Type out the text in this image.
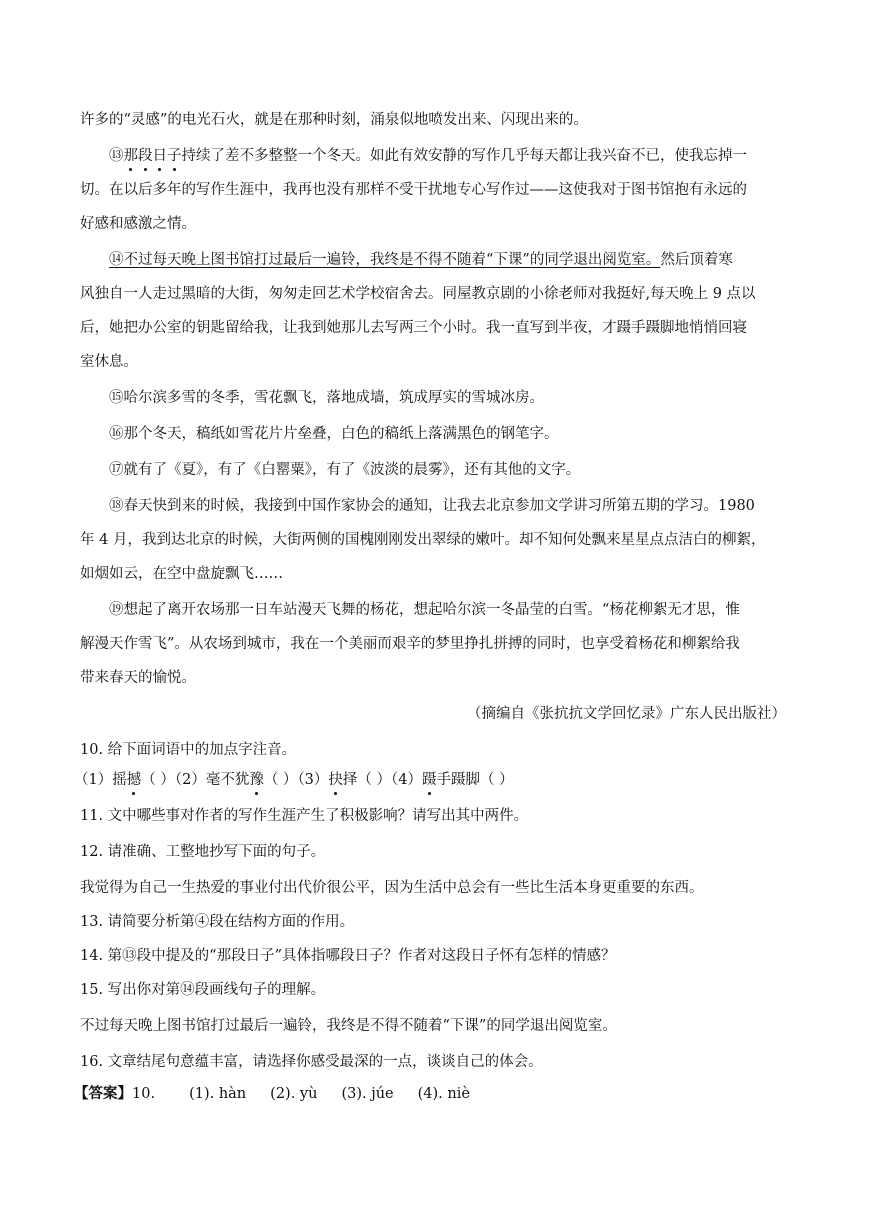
许多的“灵感”的电光石火，就是在那种时刻，涌泉似地喷发出来、闪现出来的。
⑬那段日子持续了差不多整整一个冬天。如此有效安静的写作几乎每天都让我兴奋不已，使我忘掉一
切。在以后多年的写作生涯中，我再也没有那样不受干扰地专心写作过——这使我对于图书馆抱有永远的
好感和感激之情。
⑭不过每天晚上图书馆打过最后一遍铃，我终是不得不随着“下课”的同学退出阅览室。然后顶着寒
风独自一人走过黑暗的大街，匆匆走回艺术学校宿舍去。同屋教京剧的小徐老师对我挺好,每天晚上 9 点以
后，她把办公室的钥匙留给我，让我到她那儿去写两三个小时。我一直写到半夜，才蹑手蹑脚地悄悄回寝
室休息。
⑮哈尔滨多雪的冬季，雪花飘飞，落地成墙，筑成厚实的雪城冰房。
⑯那个冬天，稿纸如雪花片片垒叠，白色的稿纸上落满黑色的钢笔字。
⑰就有了《夏》，有了《白罂粟》，有了《波淡的晨雾》，还有其他的文字。
⑱春天快到来的时候，我接到中国作家协会的通知，让我去北京参加文学讲习所第五期的学习。1980
年 4 月，我到达北京的时候，大街两侧的国槐刚刚发出翠绿的嫩叶。却不知何处飘来星星点点洁白的柳絮，
如烟如云，在空中盘旋飘飞……
⑲想起了离开农场那一日车站漫天飞舞的杨花，想起哈尔滨一冬晶莹的白雪。“杨花柳絮无才思，惟
解漫天作雪飞”。从农场到城市，我在一个美丽而艰辛的梦里挣扎拼搏的同时，也享受着杨花和柳絮给我
带来春天的愉悦。
（摘编自《张抗抗文学回忆录》广东人民出版社）
10. 给下面词语中的加点字注音。
（1）摇撼（ ）（2）毫不犹豫（ ）（3）抉择（ ）（4）蹑手蹑脚（ ）
11. 文中哪些事对作者的写作生涯产生了积极影响？请写出其中两件。
12. 请准确、工整地抄写下面的句子。
我觉得为自己一生热爱的事业付出代价很公平，因为生活中总会有一些比生活本身更重要的东西。
13. 请简要分析第④段在结构方面的作用。
14. 第⑬段中提及的“那段日子”具体指哪段日子？作者对这段日子怀有怎样的情感？
15. 写出你对第⑭段画线句子的理解。
不过每天晚上图书馆打过最后一遍铃，我终是不得不随着“下课”的同学退出阅览室。
16. 文章结尾句意蕴丰富，请选择你感受最深的一点，谈谈自己的体会。
【答案】10. (1). hàn (2). yù (3). júe (4). niè
